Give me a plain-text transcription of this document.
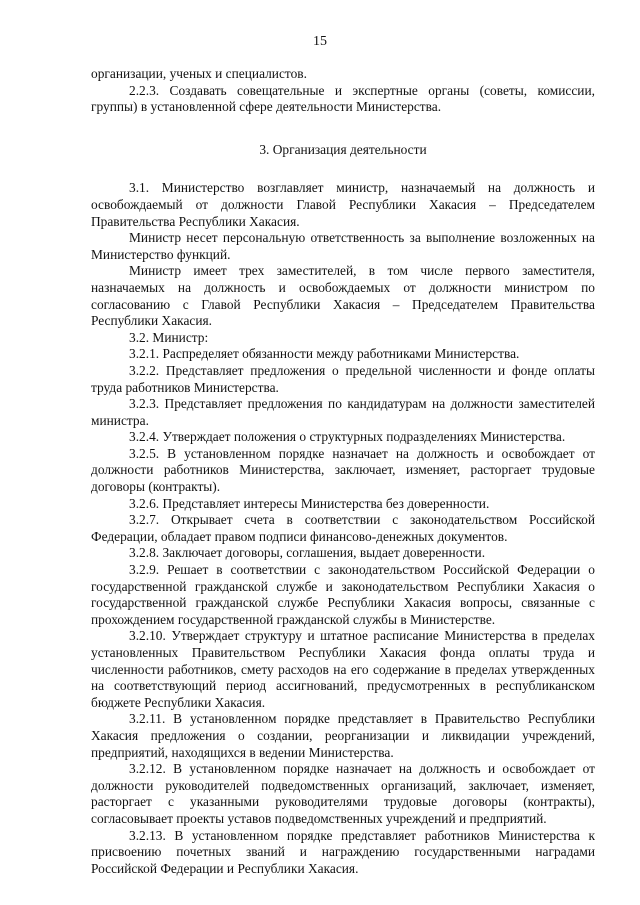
15

организации, ученых и специалистов.

2.2.3. Создавать совещательные и экспертные органы (советы, комиссии, группы) в установленной сфере деятельности Министерства.

3. Организация деятельности

3.1. Министерство возглавляет министр, назначаемый на должность и освобождаемый от должности Главой Республики Хакасия – Председателем Правительства Республики Хакасия.

Министр несет персональную ответственность за выполнение возложенных на Министерство функций.

Министр имеет трех заместителей, в том числе первого заместителя, назначаемых на должность и освобождаемых от должности министром по согласованию с Главой Республики Хакасия – Председателем Правительства Республики Хакасия.

3.2. Министр:

3.2.1. Распределяет обязанности между работниками Министерства.

3.2.2. Представляет предложения о предельной численности и фонде оплаты труда работников Министерства.

3.2.3. Представляет предложения по кандидатурам на должности заместителей министра.

3.2.4. Утверждает положения о структурных подразделениях Министерства.

3.2.5. В установленном порядке назначает на должность и освобождает от должности работников Министерства, заключает, изменяет, расторгает трудовые договоры (контракты).

3.2.6. Представляет интересы Министерства без доверенности.

3.2.7. Открывает счета в соответствии с законодательством Российской Федерации, обладает правом подписи финансово-денежных документов.

3.2.8. Заключает договоры, соглашения, выдает доверенности.

3.2.9. Решает в соответствии с законодательством Российской Федерации о государственной гражданской службе и законодательством Республики Хакасия о государственной гражданской службе Республики Хакасия вопросы, связанные с прохождением государственной гражданской службы в Министерстве.

3.2.10. Утверждает структуру и штатное расписание Министерства в пределах установленных Правительством Республики Хакасия фонда оплаты труда и численности работников, смету расходов на его содержание в пределах утвержденных на соответствующий период ассигнований, предусмотренных в республиканском бюджете Республики Хакасия.

3.2.11. В установленном порядке представляет в Правительство Республики Хакасия предложения о создании, реорганизации и ликвидации учреждений, предприятий, находящихся в ведении Министерства.

3.2.12. В установленном порядке назначает на должность и освобождает от должности руководителей подведомственных организаций, заключает, изменяет, расторгает с указанными руководителями трудовые договоры (контракты), согласовывает проекты уставов подведомственных учреждений и предприятий.

3.2.13. В установленном порядке представляет работников Министерства к присвоению почетных званий и награждению государственными наградами Российской Федерации и Республики Хакасия.
